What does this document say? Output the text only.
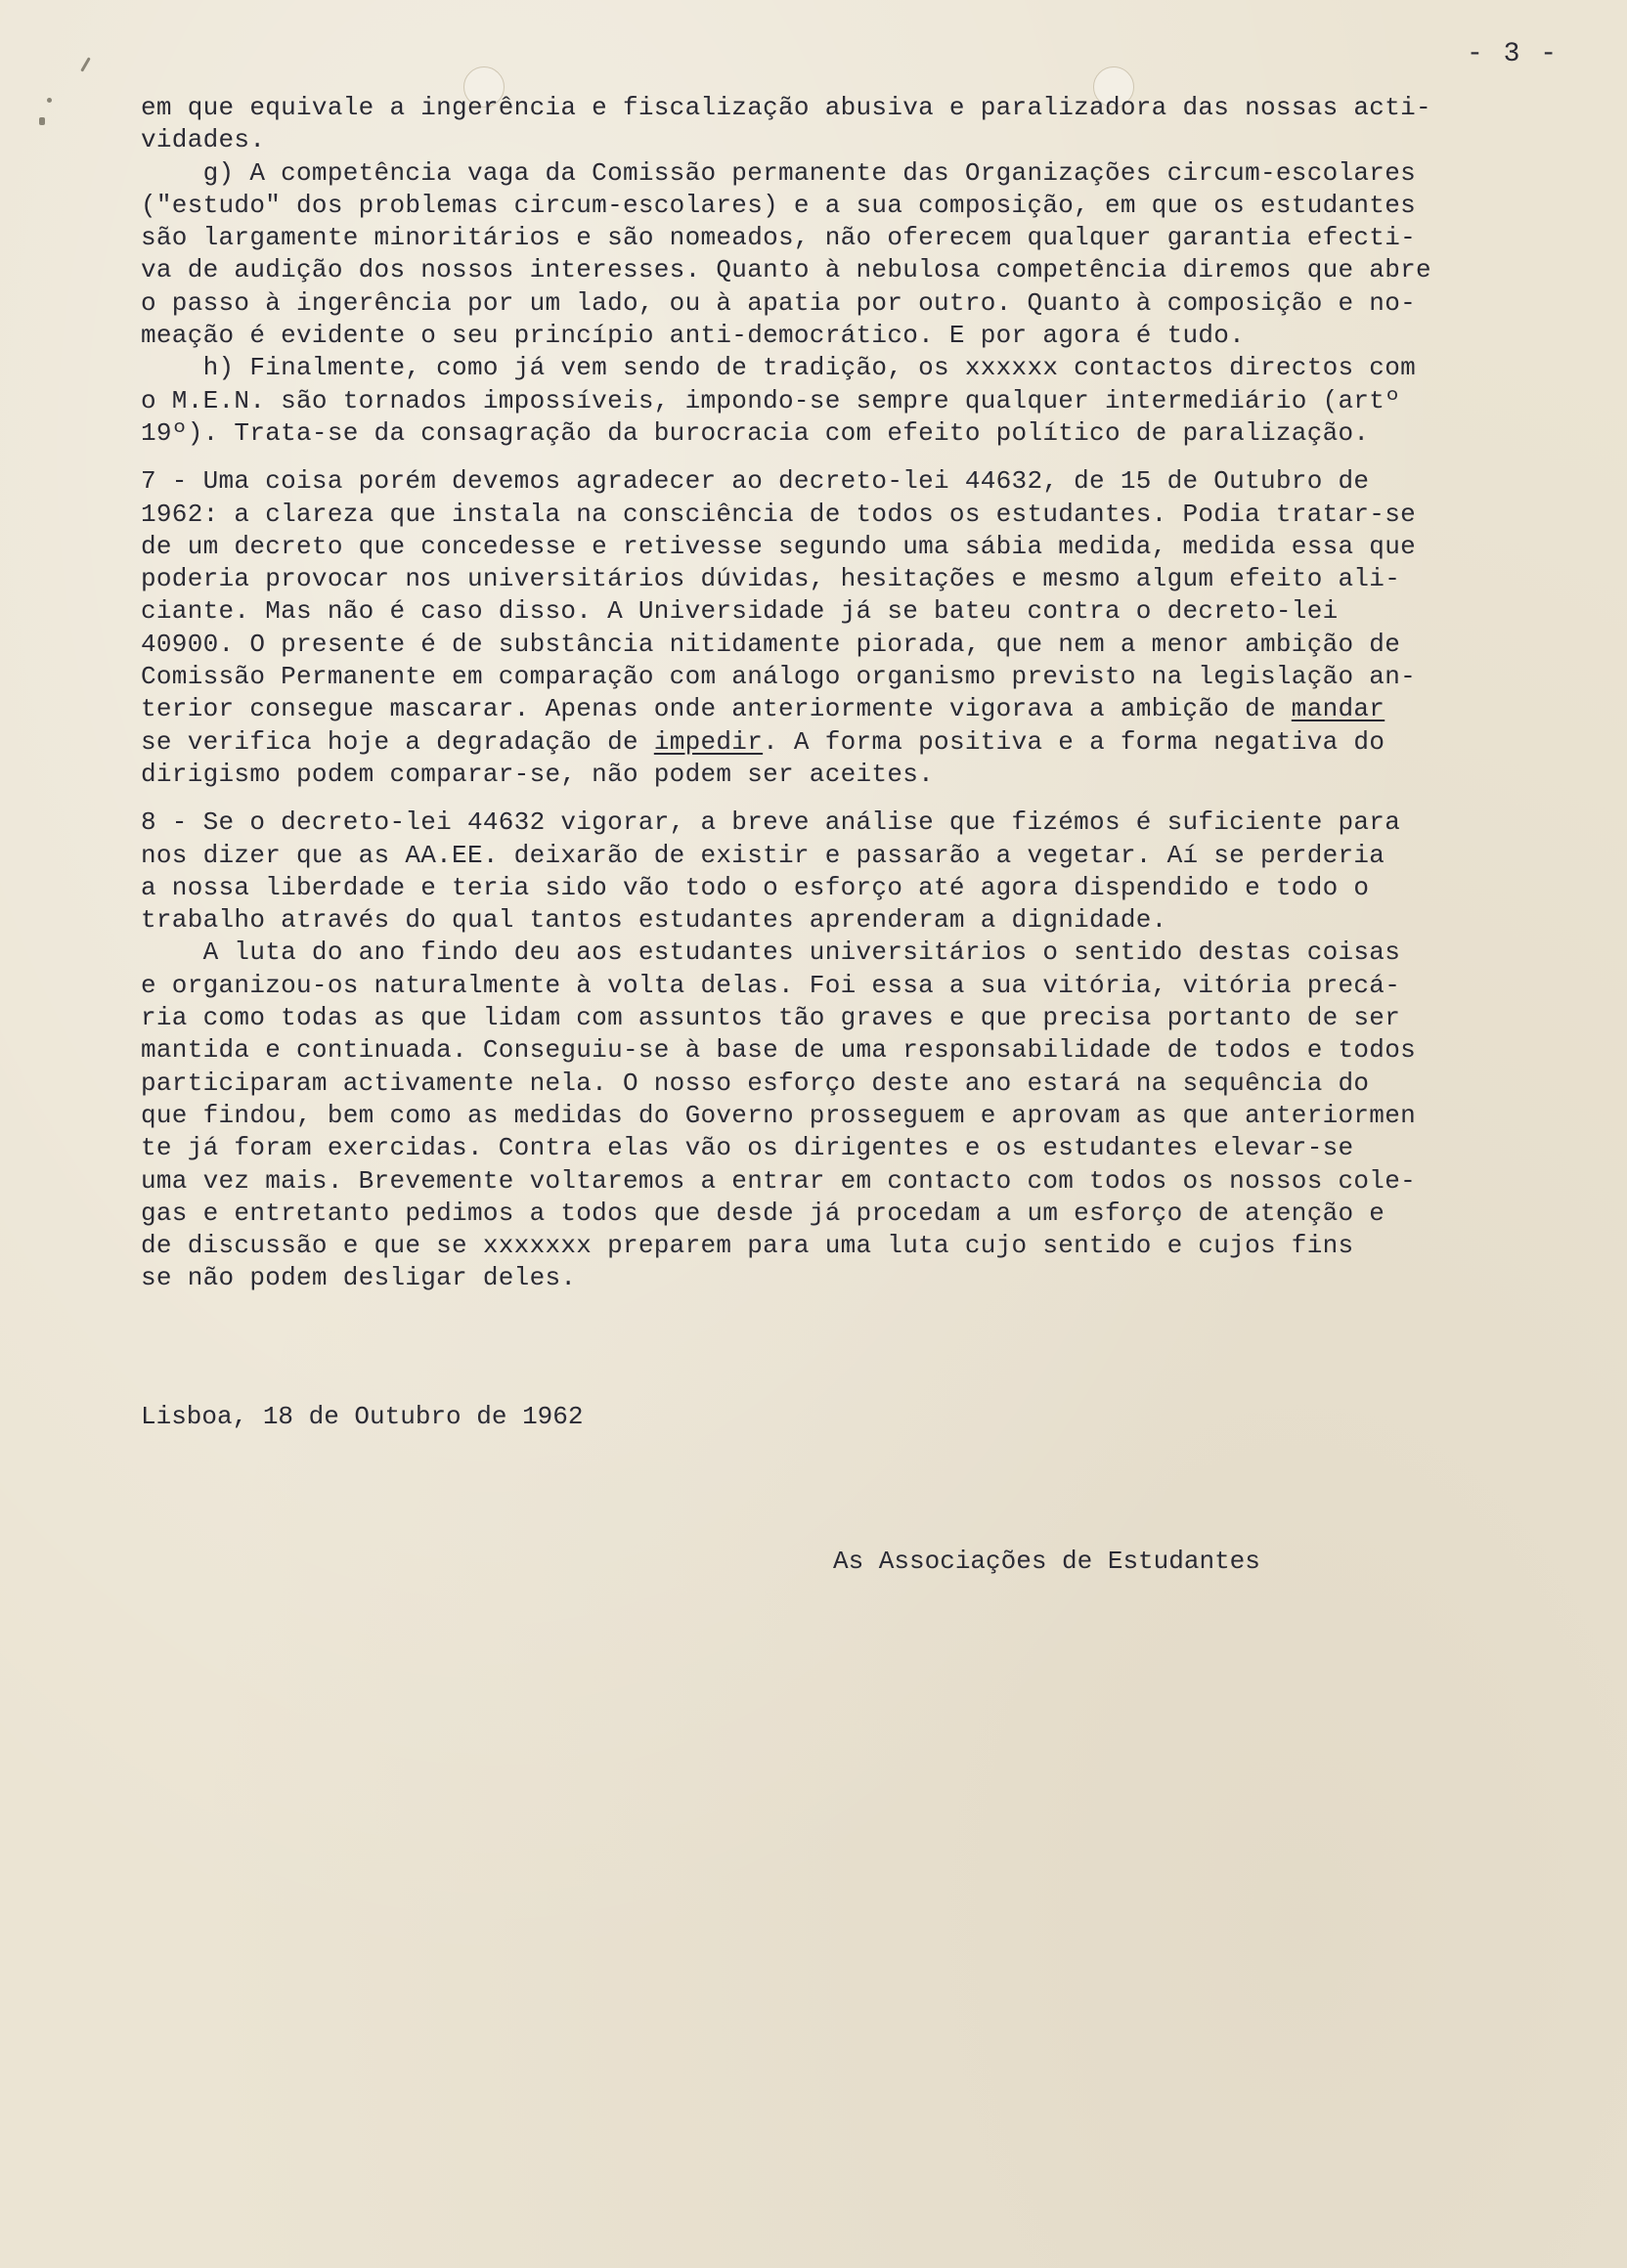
- 3 -
em que equivale a ingerência e fiscalização abusiva e paralizadora das nossas acti-
vidades.
g) A competência vaga da Comissão permanente das Organizações circum-escolares
("estudo" dos problemas circum-escolares) e a sua composição, em que os estudantes
são largamente minoritários e são nomeados, não oferecem qualquer garantia efecti-
va de audição dos nossos interesses. Quanto à nebulosa competência diremos que abre
o passo à ingerência por um lado, ou à apatia por outro. Quanto à composição e no-
meação é evidente o seu princípio anti-democrático. E por agora é tudo.
h) Finalmente, como já vem sendo de tradição, os xxxxxx contactos directos com
o M.E.N. são tornados impossíveis, impondo-se sempre qualquer intermediário (artº
19º). Trata-se da consagração da burocracia com efeito político de paralização.
7 - Uma coisa porém devemos agradecer ao decreto-lei 44632, de 15 de Outubro de
1962: a clareza que instala na consciência de todos os estudantes. Podia tratar-se
de um decreto que concedesse e retivesse segundo uma sábia medida, medida essa que
poderia provocar nos universitários dúvidas, hesitações e mesmo algum efeito ali-
ciante. Mas não é caso disso. A Universidade já se bateu contra o decreto-lei
40900. O presente é de substância nitidamente piorada, que nem a menor ambição de
Comissão Permanente em comparação com análogo organismo previsto na legislação an-
terior consegue mascarar. Apenas onde anteriormente vigorava a ambição de mandar
se verifica hoje a degradação de impedir. A forma positiva e a forma negativa do
dirigismo podem comparar-se, não podem ser aceites.
8 - Se o decreto-lei 44632 vigorar, a breve análise que fizémos é suficiente para
nos dizer que as AA.EE. deixarão de existir e passarão a vegetar. Aí se perderia
a nossa liberdade e teria sido vão todo o esforço até agora dispendido e todo o
trabalho através do qual tantos estudantes aprenderam a dignidade.
A luta do ano findo deu aos estudantes universitários o sentido destas coisas
e organizou-os naturalmente à volta delas. Foi essa a sua vitória, vitória precá-
ria como todas as que lidam com assuntos tão graves e que precisa portanto de ser
mantida e continuada. Conseguiu-se à base de uma responsabilidade de todos e todos
participaram activamente nela. O nosso esforço deste ano estará na sequência do
que findou, bem como as medidas do Governo prosseguem e aprovam as que anteriormen
te já foram exercidas. Contra elas vão os dirigentes e os estudantes elevar-se
uma vez mais. Brevemente voltaremos a entrar em contacto com todos os nossos cole-
gas e entretanto pedimos a todos que desde já procedam a um esforço de atenção e
de discussão e que se xxxxxxx preparem para uma luta cujo sentido e cujos fins
se não podem desligar deles.
Lisboa, 18 de Outubro de 1962
As Associações de Estudantes
